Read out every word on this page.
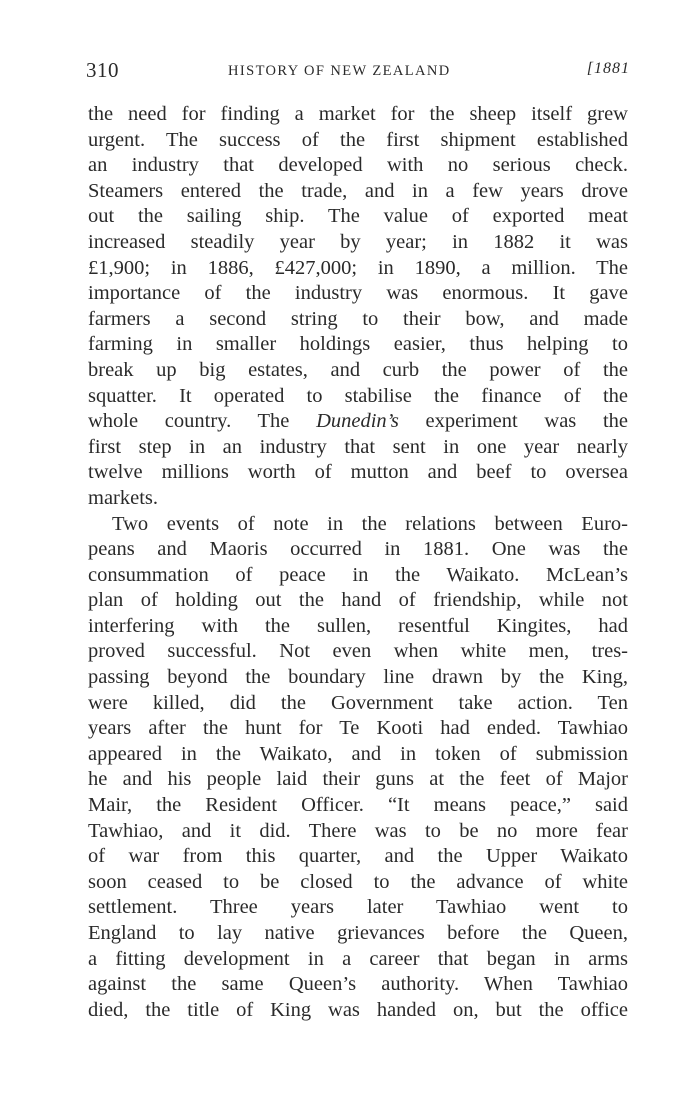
310	HISTORY OF NEW ZEALAND	[1881
the need for finding a market for the sheep itself grew
urgent. The success of the first shipment established
an industry that developed with no serious check.
Steamers entered the trade, and in a few years drove
out the sailing ship. The value of exported meat
increased steadily year by year; in 1882 it was
£1,900; in 1886, £427,000; in 1890, a million. The
importance of the industry was enormous. It gave
farmers a second string to their bow, and made
farming in smaller holdings easier, thus helping to
break up big estates, and curb the power of the
squatter. It operated to stabilise the finance of the
whole country. The Dunedin’s experiment was the
first step in an industry that sent in one year nearly
twelve millions worth of mutton and beef to oversea
markets.
Two events of note in the relations between Euro-
peans and Maoris occurred in 1881. One was the
consummation of peace in the Waikato. McLean’s
plan of holding out the hand of friendship, while not
interfering with the sullen, resentful Kingites, had
proved successful. Not even when white men, tres-
passing beyond the boundary line drawn by the King,
were killed, did the Government take action. Ten
years after the hunt for Te Kooti had ended. Tawhiao
appeared in the Waikato, and in token of submission
he and his people laid their guns at the feet of Major
Mair, the Resident Officer. “It means peace,” said
Tawhiao, and it did. There was to be no more fear
of war from this quarter, and the Upper Waikato
soon ceased to be closed to the advance of white
settlement. Three years later Tawhiao went to
England to lay native grievances before the Queen,
a fitting development in a career that began in arms
against the same Queen’s authority. When Tawhiao
died, the title of King was handed on, but the office
